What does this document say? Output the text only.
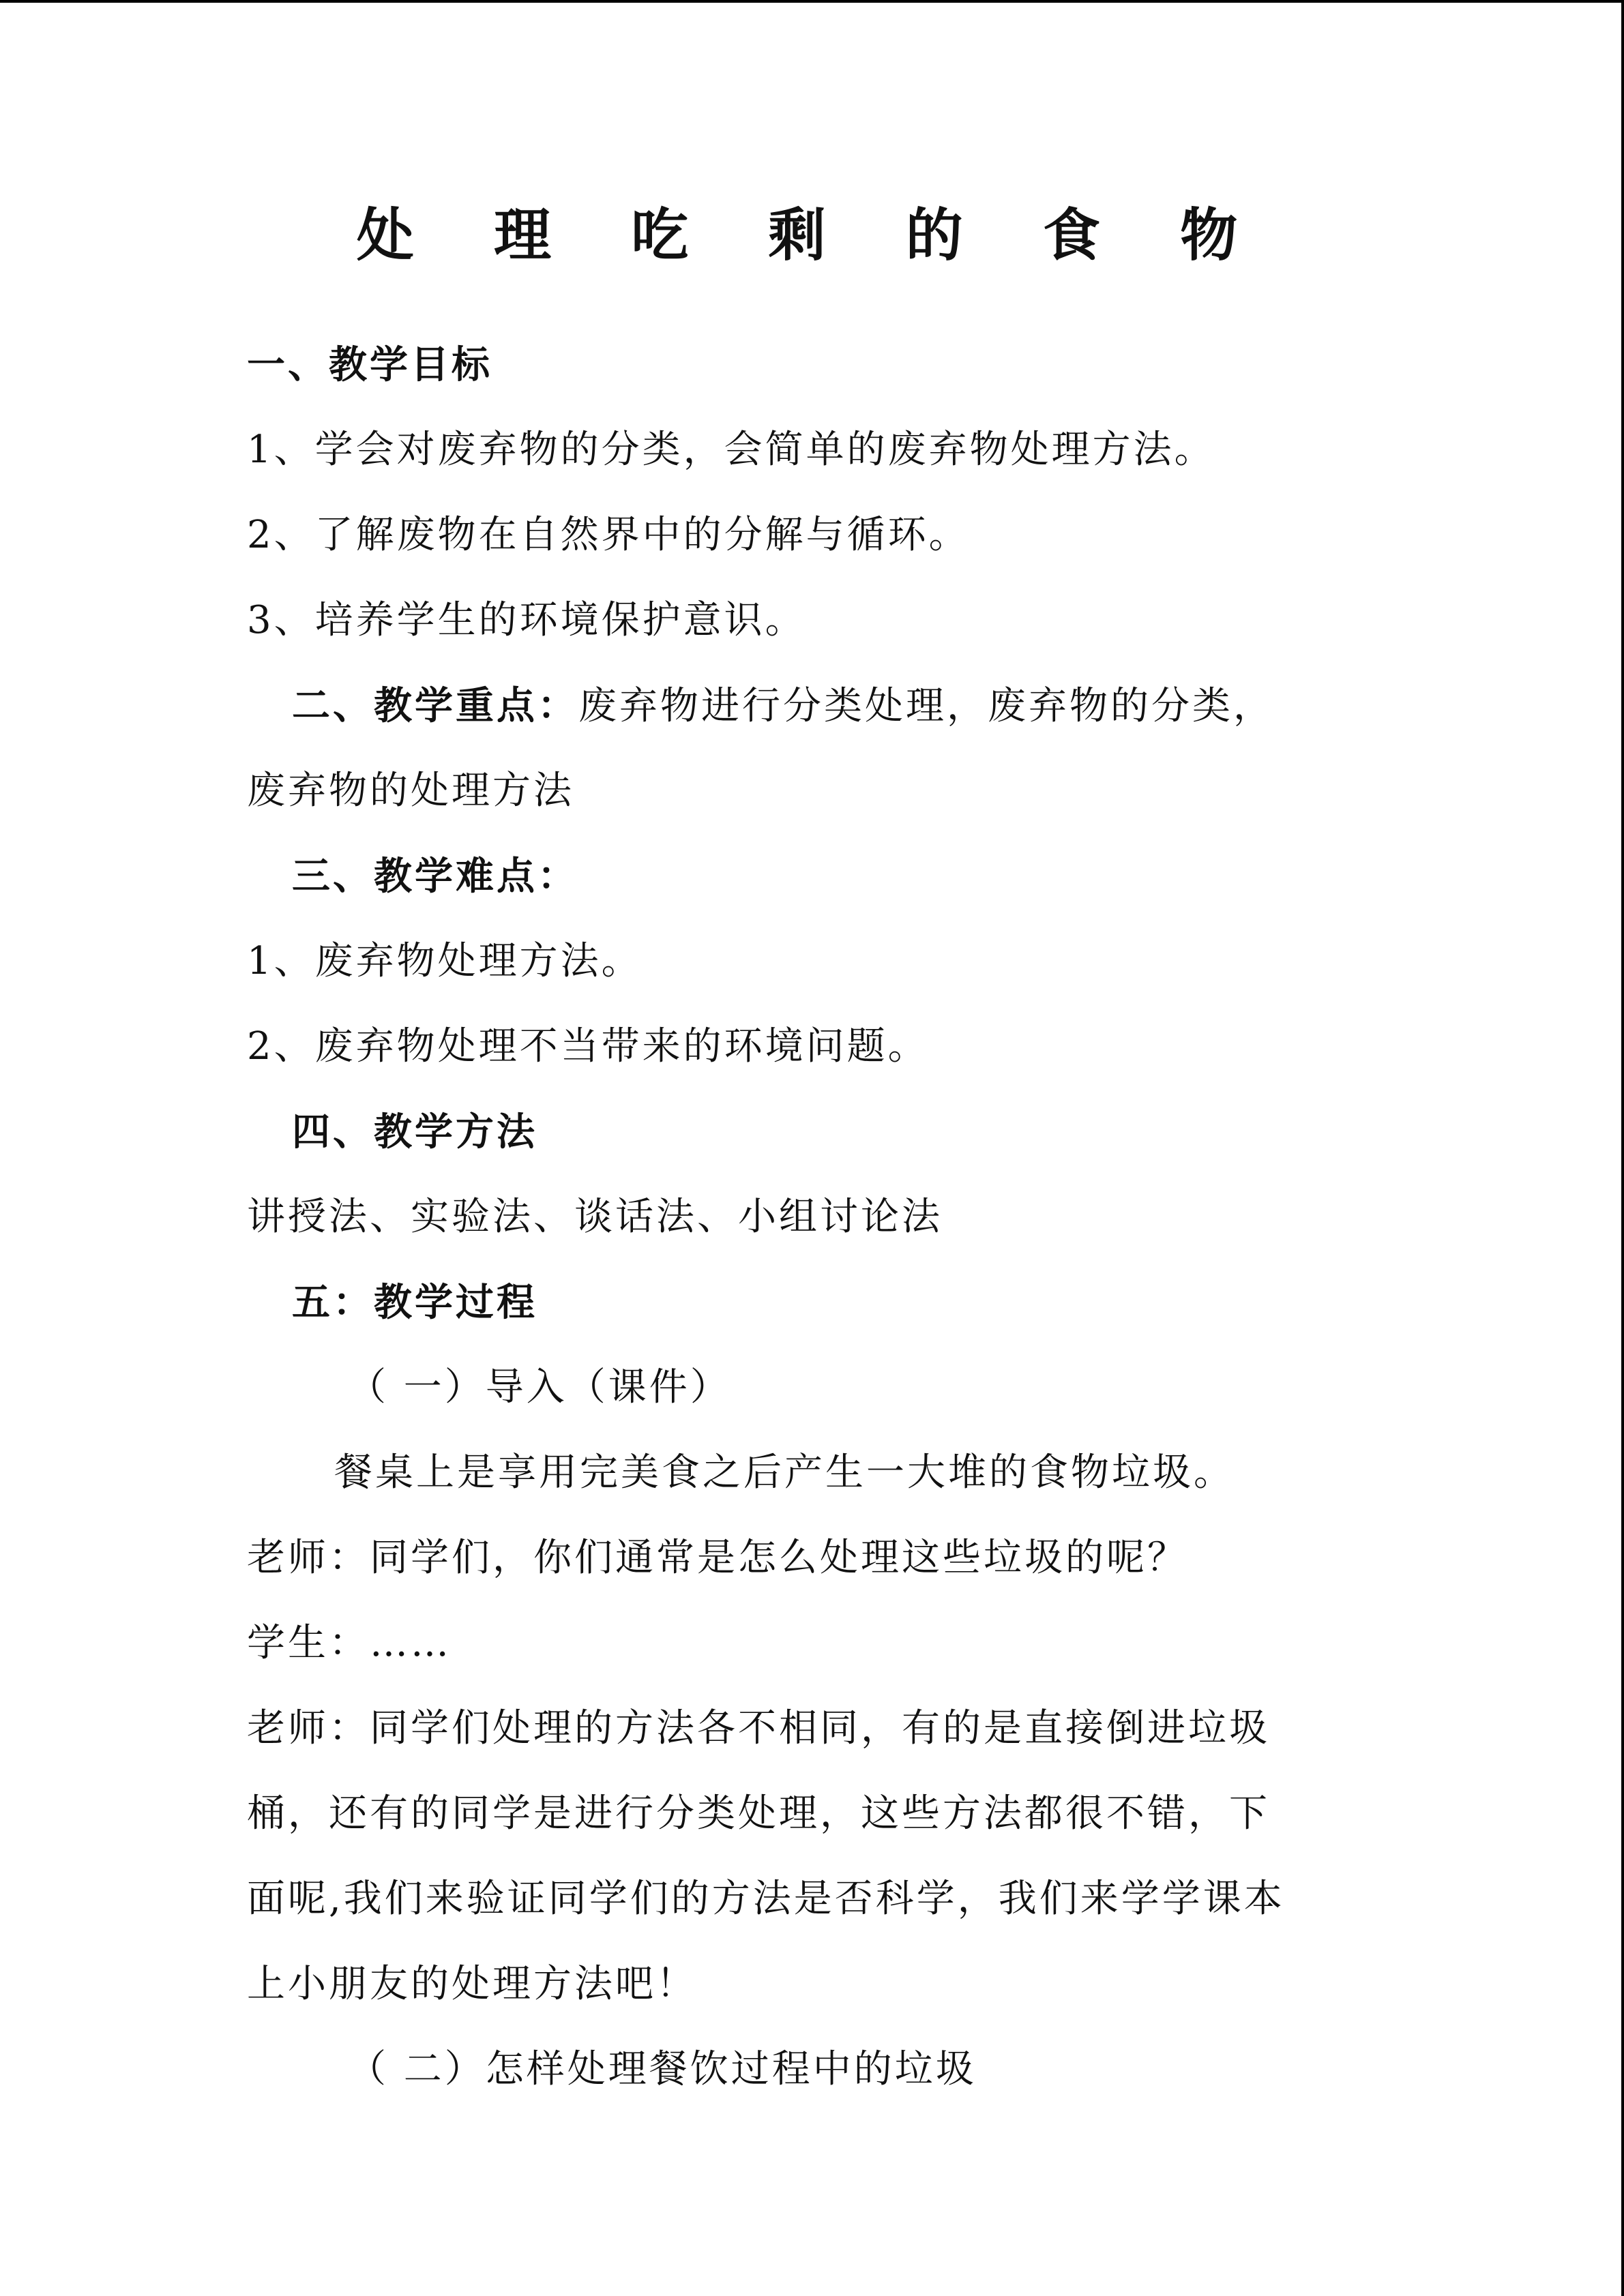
处 理 吃 剩 的 食 物
一、教学目标
1、学会对废弃物的分类，会简单的废弃物处理方法。
2、了解废物在自然界中的分解与循环。
3、培养学生的环境保护意识。
二、教学重点：废弃物进行分类处理，废弃物的分类，
废弃物的处理方法
三、教学难点：
1、废弃物处理方法。
2、废弃物处理不当带来的环境问题。
四、教学方法
讲授法、实验法、谈话法、小组讨论法
五：教学过程
（ 一）导入（课件）
餐桌上是享用完美食之后产生一大堆的食物垃圾。
老师：同学们，你们通常是怎么处理这些垃圾的呢？
学生：……
老师：同学们处理的方法各不相同，有的是直接倒进垃圾
桶，还有的同学是进行分类处理，这些方法都很不错，下
面呢,我们来验证同学们的方法是否科学，我们来学学课本
上小朋友的处理方法吧！
（ 二）怎样处理餐饮过程中的垃圾
